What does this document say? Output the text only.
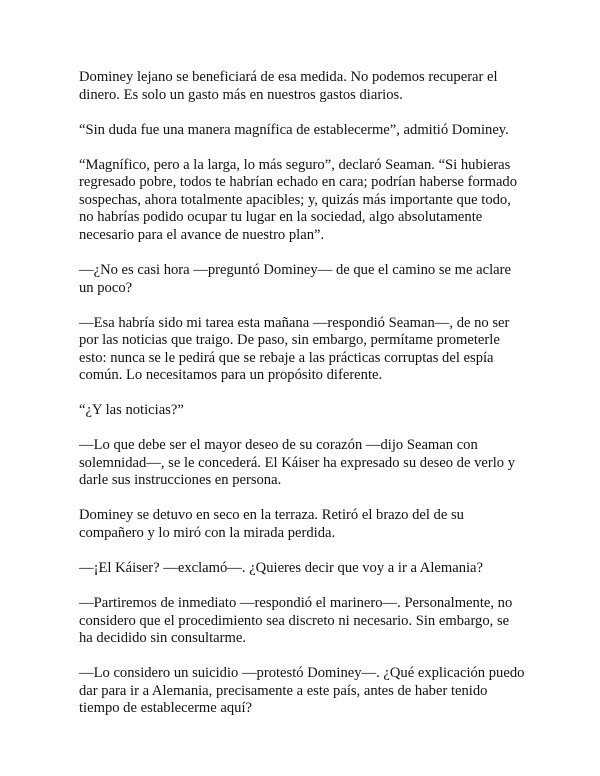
Dominey lejano se beneficiará de esa medida. No podemos recuperar el
dinero. Es solo un gasto más en nuestros gastos diarios.

“Sin duda fue una manera magnífica de establecerme”, admitió Dominey.

“Magnífico, pero a la larga, lo más seguro”, declaró Seaman. “Si hubieras
regresado pobre, todos te habrían echado en cara; podrían haberse formado
sospechas, ahora totalmente apacibles; y, quizás más importante que todo,
no habrías podido ocupar tu lugar en la sociedad, algo absolutamente
necesario para el avance de nuestro plan”.

—¿No es casi hora —preguntó Dominey— de que el camino se me aclare
un poco?

—Esa habría sido mi tarea esta mañana —respondió Seaman—, de no ser
por las noticias que traigo. De paso, sin embargo, permítame prometerle
esto: nunca se le pedirá que se rebaje a las prácticas corruptas del espía
común. Lo necesitamos para un propósito diferente.

“¿Y las noticias?”

—Lo que debe ser el mayor deseo de su corazón —dijo Seaman con
solemnidad—, se le concederá. El Káiser ha expresado su deseo de verlo y
darle sus instrucciones en persona.

Dominey se detuvo en seco en la terraza. Retiró el brazo del de su
compañero y lo miró con la mirada perdida.

—¡El Káiser? —exclamó—. ¿Quieres decir que voy a ir a Alemania?

—Partiremos de inmediato —respondió el marinero—. Personalmente, no
considero que el procedimiento sea discreto ni necesario. Sin embargo, se
ha decidido sin consultarme.

—Lo considero un suicidio —protestó Dominey—. ¿Qué explicación puedo
dar para ir a Alemania, precisamente a este país, antes de haber tenido
tiempo de establecerme aquí?
